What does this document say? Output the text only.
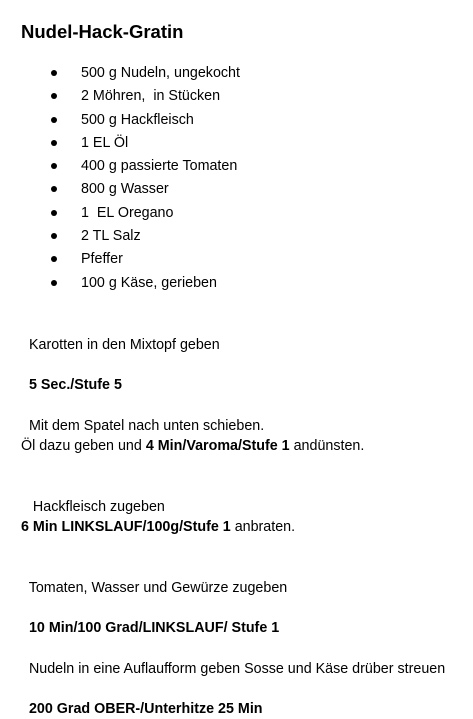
Nudel-Hack-Gratin

500 g Nudeln, ungekocht

2 Möhren,  in Stücken

500 g Hackfleisch

1 EL Öl

400 g passierte Tomaten

800 g Wasser

1  EL Oregano

2 TL Salz

Pfeffer

100 g Käse, gerieben

Karotten in den Mixtopf geben

5 Sec./Stufe 5

Mit dem Spatel nach unten schieben.

Öl dazu geben und 4 Min/Varoma/Stufe 1 andünsten.

Hackfleisch zugeben

6 Min LINKSLAUF/100g/Stufe 1 anbraten.

Tomaten, Wasser und Gewürze zugeben

10 Min/100 Grad/LINKSLAUF/ Stufe 1

Nudeln in eine Auflaufform geben Sosse und Käse drüber streuen

200 Grad OBER-/Unterhitze 25 Min
